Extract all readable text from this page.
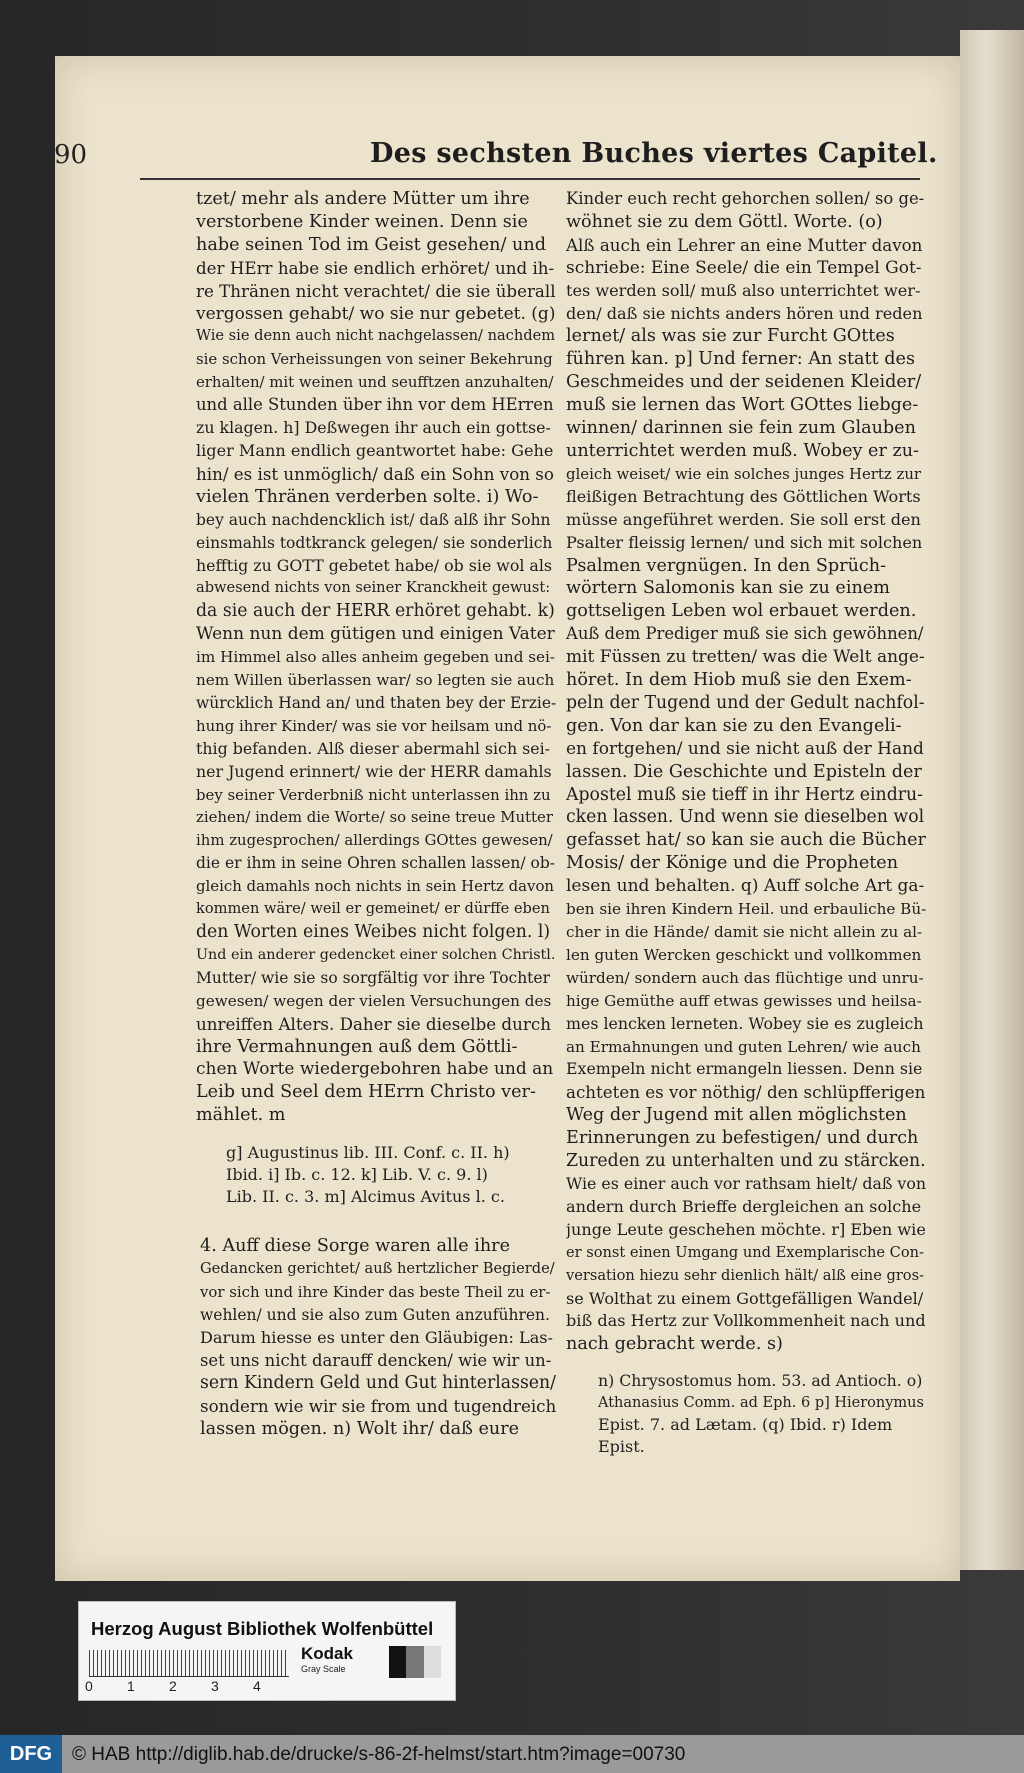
90	Des sechsten Buches viertes Capitel.
tzet/ mehr als andere Mütter um ihre
verstorbene Kinder weinen. Denn sie
habe seinen Tod im Geist gesehen/ und
der HErr habe sie endlich erhöret/ und ih-
re Thränen nicht verachtet/ die sie überall
vergossen gehabt/ wo sie nur gebetet. (g)
Wie sie denn auch nicht nachgelassen/ nachdem
sie schon Verheissungen von seiner Bekehrung
erhalten/ mit weinen und seufftzen anzuhalten/
und alle Stunden über ihn vor dem HErren
zu klagen. h] Deßwegen ihr auch ein gottse-
liger Mann endlich geantwortet habe: Gehe
hin/ es ist unmöglich/ daß ein Sohn von so
vielen Thränen verderben solte. i) Wo-
bey auch nachdencklich ist/ daß alß ihr Sohn
einsmahls todtkranck gelegen/ sie sonderlich
hefftig zu GOTT gebetet habe/ ob sie wol als
abwesend nichts von seiner Kranckheit gewust:
da sie auch der HERR erhöret gehabt. k)
Wenn nun dem gütigen und einigen Vater
im Himmel also alles anheim gegeben und sei-
nem Willen überlassen war/ so legten sie auch
würcklich Hand an/ und thaten bey der Erzie-
hung ihrer Kinder/ was sie vor heilsam und nö-
thig befanden. Alß dieser abermahl sich sei-
ner Jugend erinnert/ wie der HERR damahls
bey seiner Verderbniß nicht unterlassen ihn zu
ziehen/ indem die Worte/ so seine treue Mutter
ihm zugesprochen/ allerdings GOttes gewesen/
die er ihm in seine Ohren schallen lassen/ ob-
gleich damahls noch nichts in sein Hertz davon
kommen wäre/ weil er gemeinet/ er dürffe eben
den Worten eines Weibes nicht folgen. l)
Und ein anderer gedencket einer solchen Christl.
Mutter/ wie sie so sorgfältig vor ihre Tochter
gewesen/ wegen der vielen Versuchungen des
unreiffen Alters. Daher sie dieselbe durch
ihre Vermahnungen auß dem Göttli-
chen Worte wiedergebohren habe und an
Leib und Seel dem HErrn Christo ver-
mählet. m
g] Augustinus lib. III. Conf. c. II. h)
Ibid. i] Ib. c. 12. k] Lib. V. c. 9. l)
Lib. II. c. 3. m] Alcimus Avitus l. c.
4. Auff diese Sorge waren alle ihre
Gedancken gerichtet/ auß hertzlicher Begierde/
vor sich und ihre Kinder das beste Theil zu er-
wehlen/ und sie also zum Guten anzuführen.
Darum hiesse es unter den Gläubigen: Las-
set uns nicht darauff dencken/ wie wir un-
sern Kindern Geld und Gut hinterlassen/
sondern wie wir sie from und tugendreich
lassen mögen. n) Wolt ihr/ daß eure
Kinder euch recht gehorchen sollen/ so ge-
wöhnet sie zu dem Göttl. Worte. (o)
Alß auch ein Lehrer an eine Mutter davon
schriebe: Eine Seele/ die ein Tempel Got-
tes werden soll/ muß also unterrichtet wer-
den/ daß sie nichts anders hören und reden
lernet/ als was sie zur Furcht GOttes
führen kan. p] Und ferner: An statt des
Geschmeides und der seidenen Kleider/
muß sie lernen das Wort GOttes liebge-
winnen/ darinnen sie fein zum Glauben
unterrichtet werden muß. Wobey er zu-
gleich weiset/ wie ein solches junges Hertz zur
fleißigen Betrachtung des Göttlichen Worts
müsse angeführet werden. Sie soll erst den
Psalter fleissig lernen/ und sich mit solchen
Psalmen vergnügen. In den Sprüch-
wörtern Salomonis kan sie zu einem
gottseligen Leben wol erbauet werden.
Auß dem Prediger muß sie sich gewöhnen/
mit Füssen zu tretten/ was die Welt ange-
höret. In dem Hiob muß sie den Exem-
peln der Tugend und der Gedult nachfol-
gen. Von dar kan sie zu den Evangeli-
en fortgehen/ und sie nicht auß der Hand
lassen. Die Geschichte und Episteln der
Apostel muß sie tieff in ihr Hertz eindru-
cken lassen. Und wenn sie dieselben wol
gefasset hat/ so kan sie auch die Bücher
Mosis/ der Könige und die Propheten
lesen und behalten. q) Auff solche Art ga-
ben sie ihren Kindern Heil. und erbauliche Bü-
cher in die Hände/ damit sie nicht allein zu al-
len guten Wercken geschickt und vollkommen
würden/ sondern auch das flüchtige und unru-
hige Gemüthe auff etwas gewisses und heilsa-
mes lencken lerneten. Wobey sie es zugleich
an Ermahnungen und guten Lehren/ wie auch
Exempeln nicht ermangeln liessen. Denn sie
achteten es vor nöthig/ den schlüpfferigen
Weg der Jugend mit allen möglichsten
Erinnerungen zu befestigen/ und durch
Zureden zu unterhalten und zu stärcken.
Wie es einer auch vor rathsam hielt/ daß von
andern durch Brieffe dergleichen an solche
junge Leute geschehen möchte. r] Eben wie
er sonst einen Umgang und Exemplarische Con-
versation hiezu sehr dienlich hält/ alß eine gros-
se Wolthat zu einem Gottgefälligen Wandel/
biß das Hertz zur Vollkommenheit nach und
nach gebracht werde. s)
n) Chrysostomus hom. 53. ad Antioch. o)
Athanasius Comm. ad Eph. 6 p] Hieronymus
Epist. 7. ad Lætam. (q) Ibid. r) Idem
Epist.
Herzog August Bibliothek Wolfenbüttel
0 1 2 3 4
Kodak
Gray Scale
DFG	© HAB http://diglib.hab.de/drucke/s-86-2f-helmst/start.htm?image=00730
